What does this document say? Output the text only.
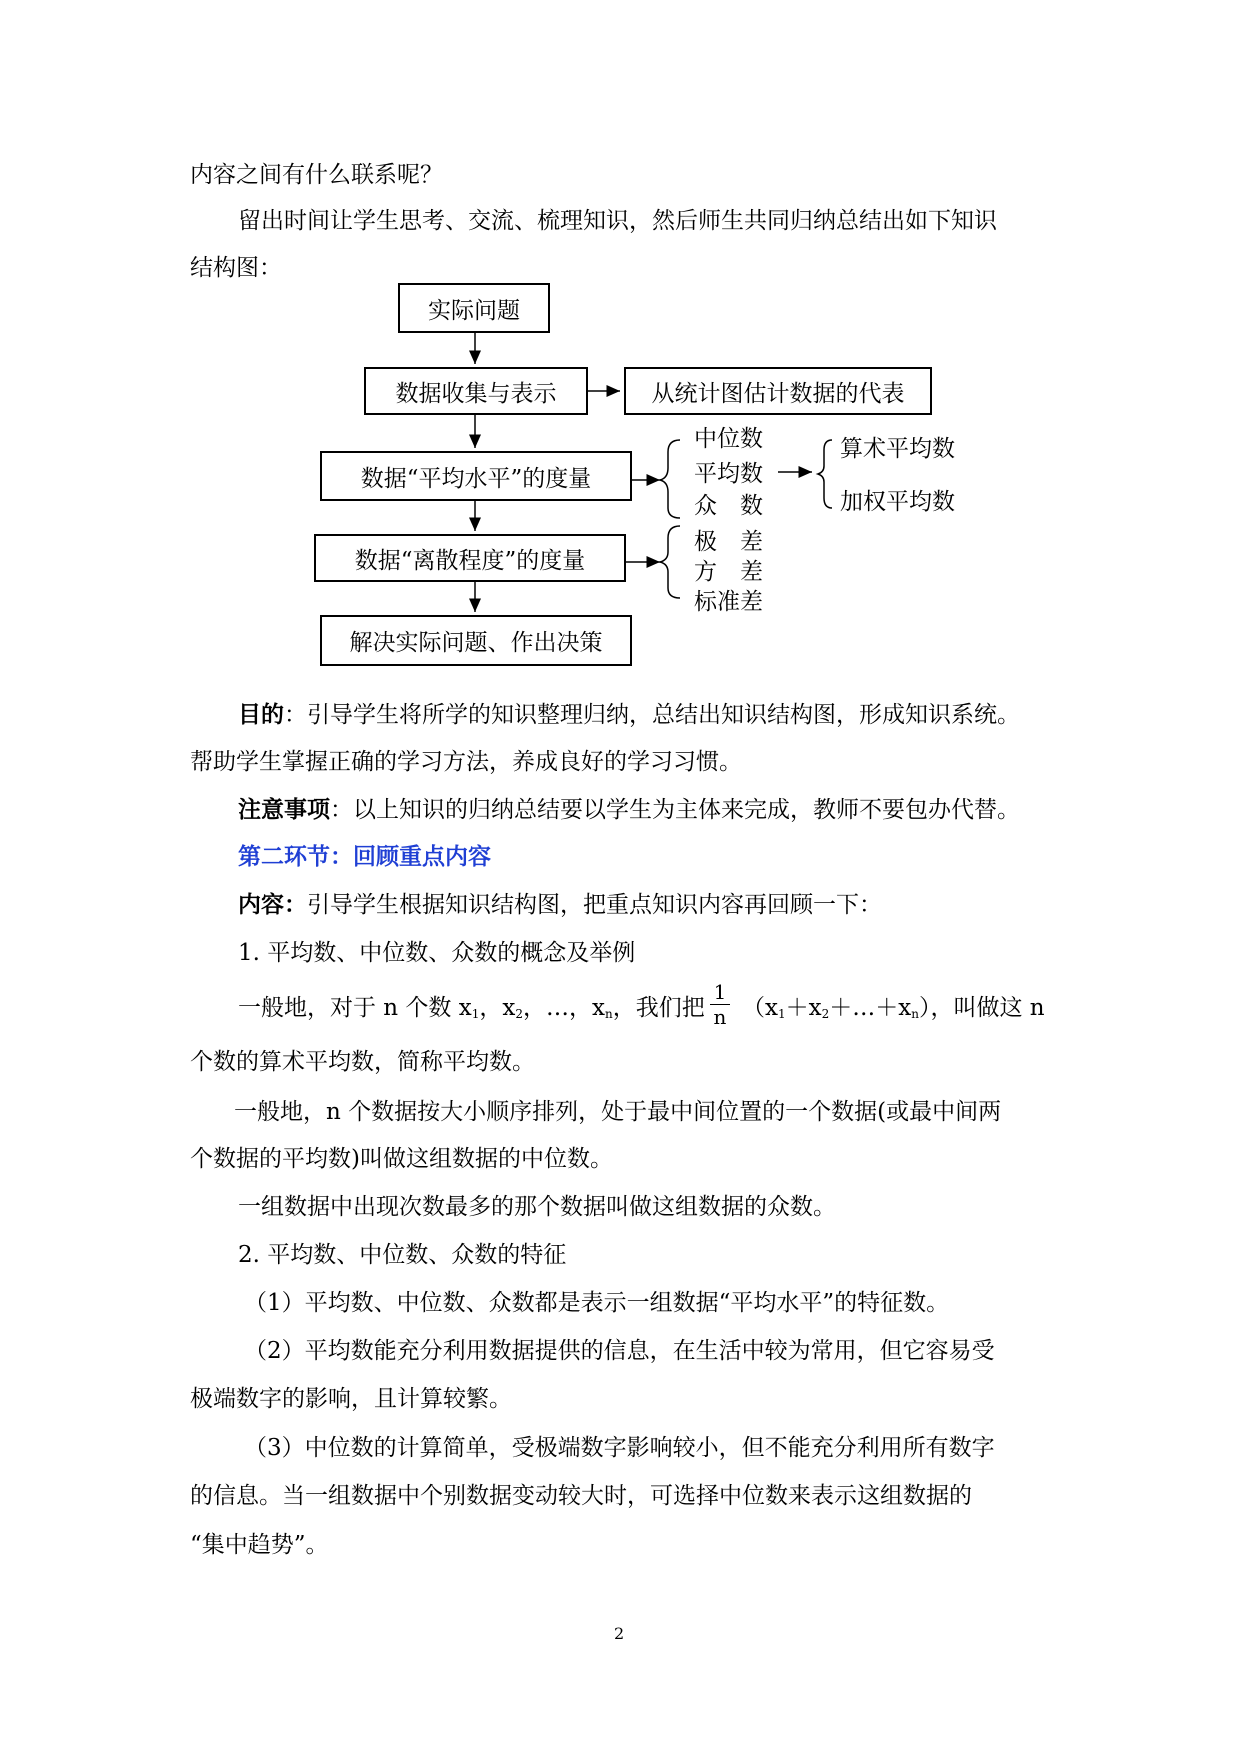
内容之间有什么联系呢？
留出时间让学生思考、交流、梳理知识，然后师生共同归纳总结出如下知识
结构图：
实际问题
数据收集与表示	从统计图估计数据的代表
数据“平均水平”的度量
数据“离散程度”的度量
解决实际问题、作出决策
中位数
平均数
众　数
算术平均数
加权平均数
极　差
方　差
标准差
目的：引导学生将所学的知识整理归纳，总结出知识结构图，形成知识系统。
帮助学生掌握正确的学习方法，养成良好的学习习惯。
注意事项：以上知识的归纳总结要以学生为主体来完成，教师不要包办代替。
第二环节：回顾重点内容
内容：引导学生根据知识结构图，把重点知识内容再回顾一下：
1. 平均数、中位数、众数的概念及举例
一般地，对于 n 个数 $x_1$，$x_2$，…，$x_n$，我们把 $\frac{1}{n}$ $(x_1+x_2+\dots+x_n)$，叫做这 n
个数的算术平均数，简称平均数。
一般地，n 个数据按大小顺序排列，处于最中间位置的一个数据(或最中间两
个数据的平均数)叫做这组数据的中位数。
一组数据中出现次数最多的那个数据叫做这组数据的众数。
2. 平均数、中位数、众数的特征
（1）平均数、中位数、众数都是表示一组数据“平均水平”的特征数。
（2）平均数能充分利用数据提供的信息，在生活中较为常用，但它容易受
极端数字的影响，且计算较繁。
（3）中位数的计算简单，受极端数字影响较小，但不能充分利用所有数字
的信息。当一组数据中个别数据变动较大时，可选择中位数来表示这组数据的
“集中趋势”。
2
